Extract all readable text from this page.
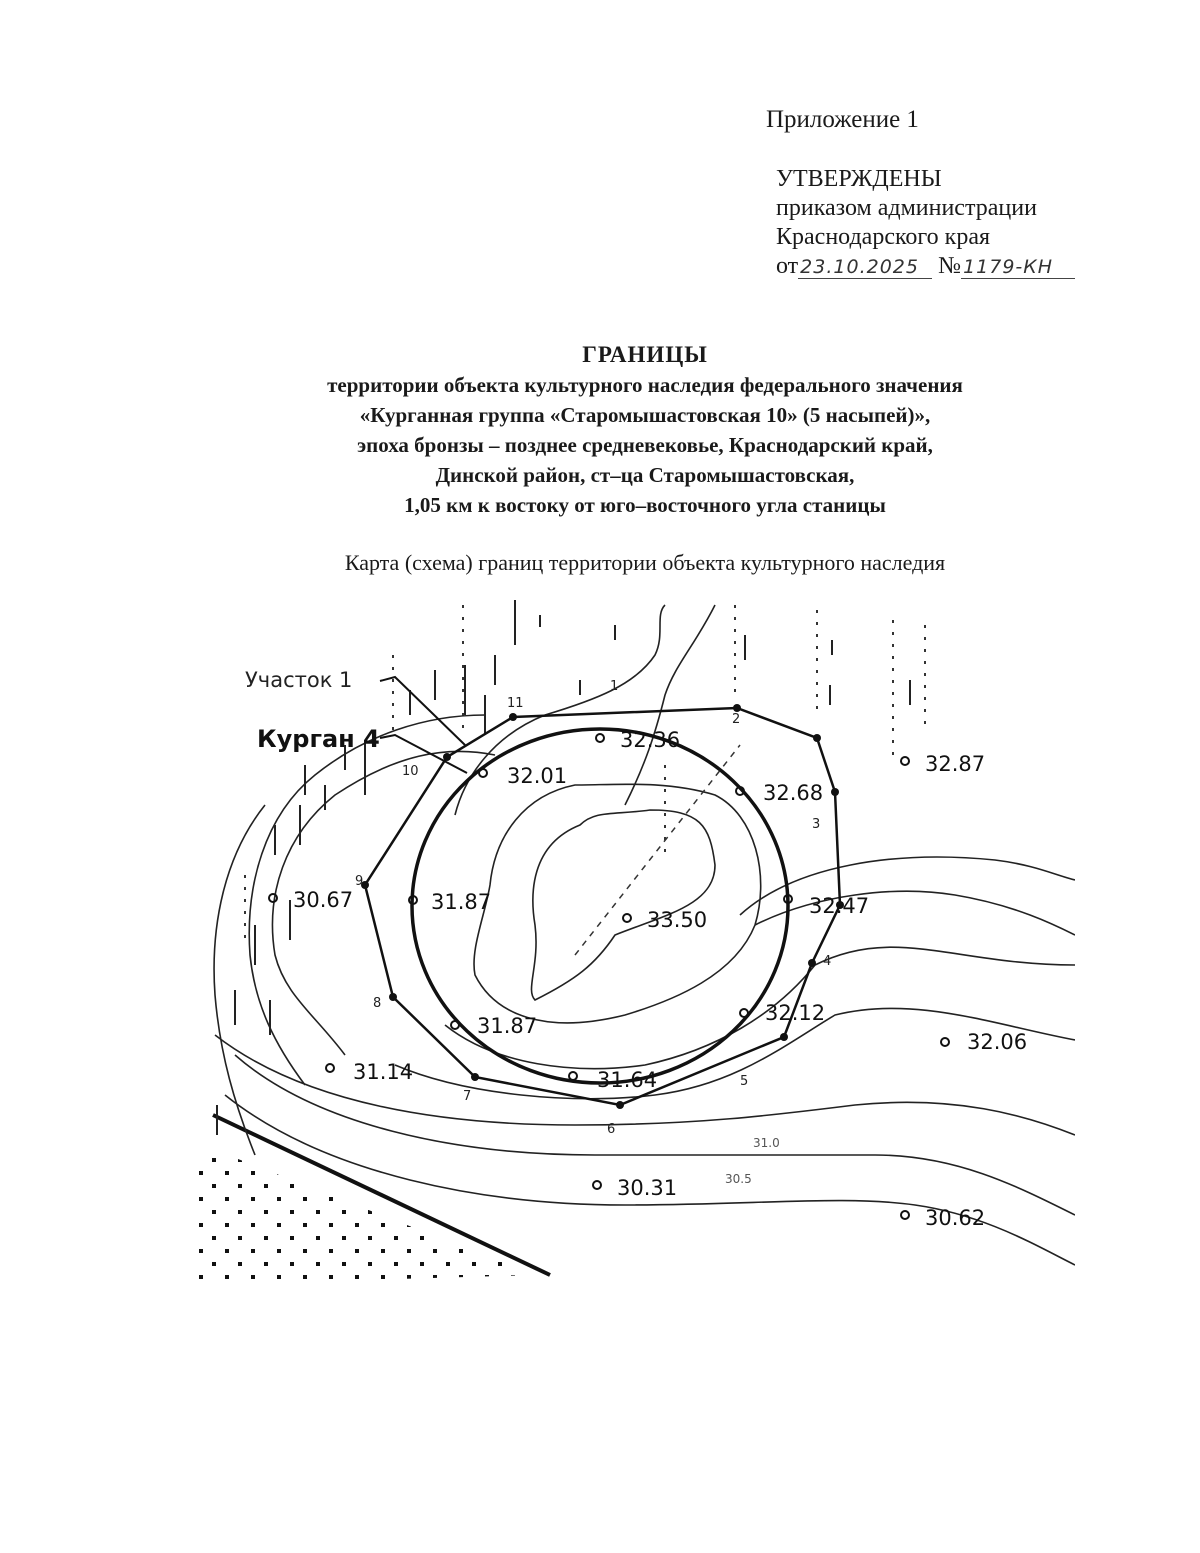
Приложение 1
УТВЕРЖДЕНЫ
приказом администрации
Краснодарского края
от 23.10.2025 № 1179-КН
ГРАНИЦЫ
территории объекта культурного наследия федерального значения
«Курганная группа «Старомышастовская 10» (5 насыпей)»,
эпоха бронзы – позднее средневековье, Краснодарский край,
Динской район, ст–ца Старомышастовская,
1,05 км к востоку от юго–восточного угла станицы
Карта (схема) границ территории объекта культурного наследия
Участок 1
Курган 4
1
2
3
4
5
6
7
8
9
10
11
32.36
32.01
32.68
32.87
30.67	31.87
33.50
32.47
31.87
32.12
32.06
31.14	31.64
30.31
30.62
31.0
30.5
